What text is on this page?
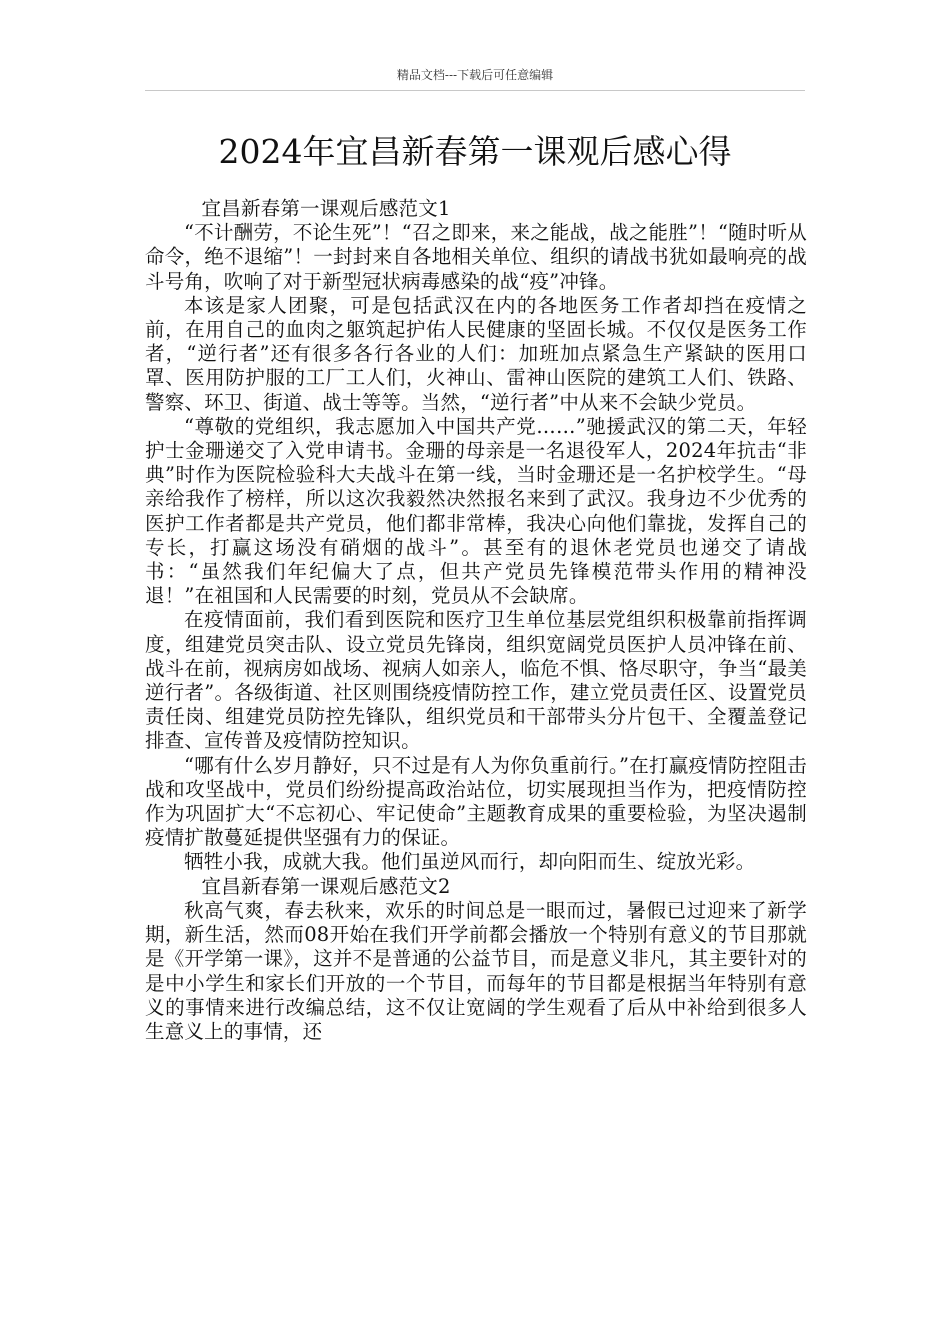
精品文档---下载后可任意编辑
2024年宜昌新春第一课观后感心得

宜昌新春第一课观后感范文1

“不计酬劳，不论生死”！“召之即来，来之能战，战之能胜”！“随时听从命令，绝不退缩”！一封封来自各地相关单位、组织的请战书犹如最响亮的战斗号角，吹响了对于新型冠状病毒感染的战“疫”冲锋。

本该是家人团聚，可是包括武汉在内的各地医务工作者却挡在疫情之前，在用自己的血肉之躯筑起护佑人民健康的坚固长城。不仅仅是医务工作者，“逆行者”还有很多各行各业的人们：加班加点紧急生产紧缺的医用口罩、医用防护服的工厂工人们，火神山、雷神山医院的建筑工人们、铁路、警察、环卫、街道、战士等等。当然，“逆行者”中从来不会缺少党员。

“尊敬的党组织，我志愿加入中国共产党……”驰援武汉的第二天，年轻护士金珊递交了入党申请书。金珊的母亲是一名退役军人，2024年抗击“非典”时作为医院检验科大夫战斗在第一线，当时金珊还是一名护校学生。“母亲给我作了榜样，所以这次我毅然决然报名来到了武汉。我身边不少优秀的医护工作者都是共产党员，他们都非常棒，我决心向他们靠拢，发挥自己的专长，打赢这场没有硝烟的战斗”。甚至有的退休老党员也递交了请战书：“虽然我们年纪偏大了点，但共产党员先锋模范带头作用的精神没退！”在祖国和人民需要的时刻，党员从不会缺席。

在疫情面前，我们看到医院和医疗卫生单位基层党组织积极靠前指挥调度，组建党员突击队、设立党员先锋岗，组织宽阔党员医护人员冲锋在前、战斗在前，视病房如战场、视病人如亲人，临危不惧、恪尽职守，争当“最美逆行者”。各级街道、社区则围绕疫情防控工作，建立党员责任区、设置党员责任岗、组建党员防控先锋队，组织党员和干部带头分片包干、全覆盖登记排查、宣传普及疫情防控知识。

“哪有什么岁月静好，只不过是有人为你负重前行。”在打赢疫情防控阻击战和攻坚战中，党员们纷纷提高政治站位，切实展现担当作为，把疫情防控作为巩固扩大“不忘初心、牢记使命”主题教育成果的重要检验，为坚决遏制疫情扩散蔓延提供坚强有力的保证。

牺牲小我，成就大我。他们虽逆风而行，却向阳而生、绽放光彩。

宜昌新春第一课观后感范文2

秋高气爽，春去秋来，欢乐的时间总是一眼而过，暑假已过迎来了新学期，新生活，然而08开始在我们开学前都会播放一个特别有意义的节目那就是《开学第一课》，这并不是普通的公益节目，而是意义非凡，其主要针对的是中小学生和家长们开放的一个节目，而每年的节目都是根据当年特别有意义的事情来进行改编总结，这不仅让宽阔的学生观看了后从中补给到很多人生意义上的事情，还
